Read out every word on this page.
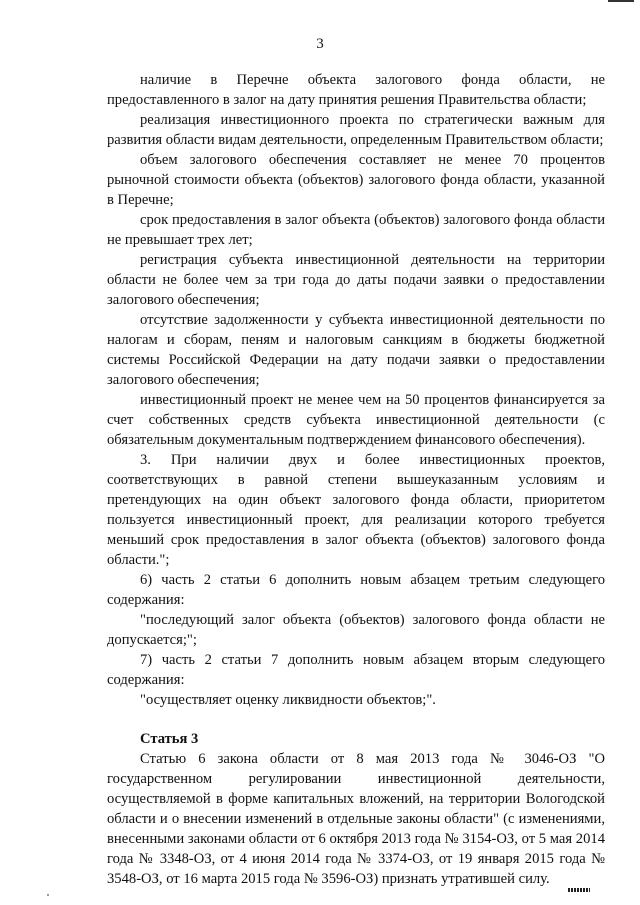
3

наличие в Перечне объекта залогового фонда области, не предоставленного в залог на дату принятия решения Правительства области;

реализация инвестиционного проекта по стратегически важным для развития области видам деятельности, определенным Правительством области;

объем залогового обеспечения составляет не менее 70 процентов рыночной стоимости объекта (объектов) залогового фонда области, указанной в Перечне;

срок предоставления в залог объекта (объектов) залогового фонда области не превышает трех лет;

регистрация субъекта инвестиционной деятельности на территории области не более чем за три года до даты подачи заявки о предоставлении залогового обеспечения;

отсутствие задолженности у субъекта инвестиционной деятельности по налогам и сборам, пеням и налоговым санкциям в бюджеты бюджетной системы Российской Федерации на дату подачи заявки о предоставлении залогового обеспечения;

инвестиционный проект не менее чем на 50 процентов финансируется за счет собственных средств субъекта инвестиционной деятельности (с обязательным документальным подтверждением финансового обеспечения).

3. При наличии двух и более инвестиционных проектов, соответствующих в равной степени вышеуказанным условиям и претендующих на один объект залогового фонда области, приоритетом пользуется инвестиционный проект, для реализации которого требуется меньший срок предоставления в залог объекта (объектов) залогового фонда области.";

6) часть 2 статьи 6 дополнить новым абзацем третьим следующего содержания:

"последующий залог объекта (объектов) залогового фонда области не допускается;";

7) часть 2 статьи 7 дополнить новым абзацем вторым следующего содержания:

"осуществляет оценку ликвидности объектов;".

Статья 3

Статью 6 закона области от 8 мая 2013 года № 3046-ОЗ "О государственном регулировании инвестиционной деятельности, осуществляемой в форме капитальных вложений, на территории Вологодской области и о внесении изменений в отдельные законы области" (с изменениями, внесенными законами области от 6 октября 2013 года № 3154-ОЗ, от 5 мая 2014 года № 3348-ОЗ, от 4 июня 2014 года № 3374-ОЗ, от 19 января 2015 года № 3548-ОЗ, от 16 марта 2015 года № 3596-ОЗ) признать утратившей силу.
